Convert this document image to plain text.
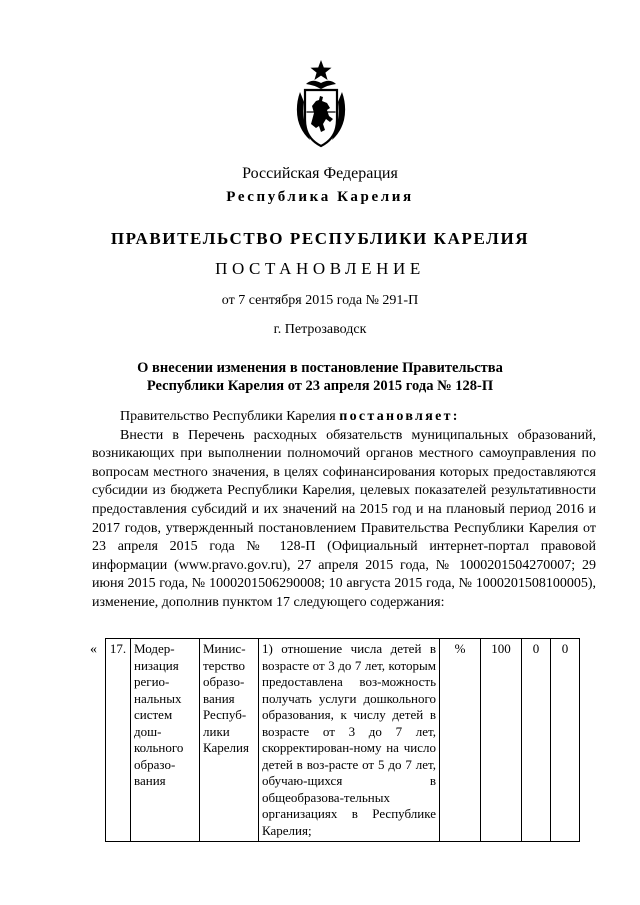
Российская Федерация
Республика Карелия
ПРАВИТЕЛЬСТВО РЕСПУБЛИКИ КАРЕЛИЯ
ПОСТАНОВЛЕНИЕ
от 7 сентября 2015 года № 291-П
г. Петрозаводск
О внесении изменения в постановление Правительства
Республики Карелия от 23 апреля 2015 года № 128-П
Правительство Республики Карелия постановляет:

Внести в Перечень расходных обязательств муниципальных образований, возникающих при выполнении полномочий органов местного самоуправления по вопросам местного значения, в целях софинансирования которых предоставляются субсидии из бюджета Республики Карелия, целевых показателей результативности предоставления субсидий и их значений на 2015 год и на плановый период 2016 и 2017 годов, утвержденный постановлением Правительства Республики Карелия от 23 апреля 2015 года № 128-П (Официальный интернет-портал правовой информации (www.pravo.gov.ru), 27 апреля 2015 года, № 1000201504270007; 29 июня 2015 года, № 1000201506290008; 10 августа 2015 года, № 1000201508100005), изменение, дополнив пунктом 17 следующего содержания:

« 17.	Модер-низация регио-нальных систем дош-кольного образо-вания	Минис-терство образо-вания Респуб-лики Карелия	1) отношение числа детей в возрасте от 3 до 7 лет, которым предоставлена воз-можность получать услуги дошкольного образования, к числу детей в возрасте от 3 до 7 лет, скорректирован-ному на число детей в воз-расте от 5 до 7 лет, обучаю-щихся в общеобразова-тельных организациях в Республике Карелия;	%	100	0	0
